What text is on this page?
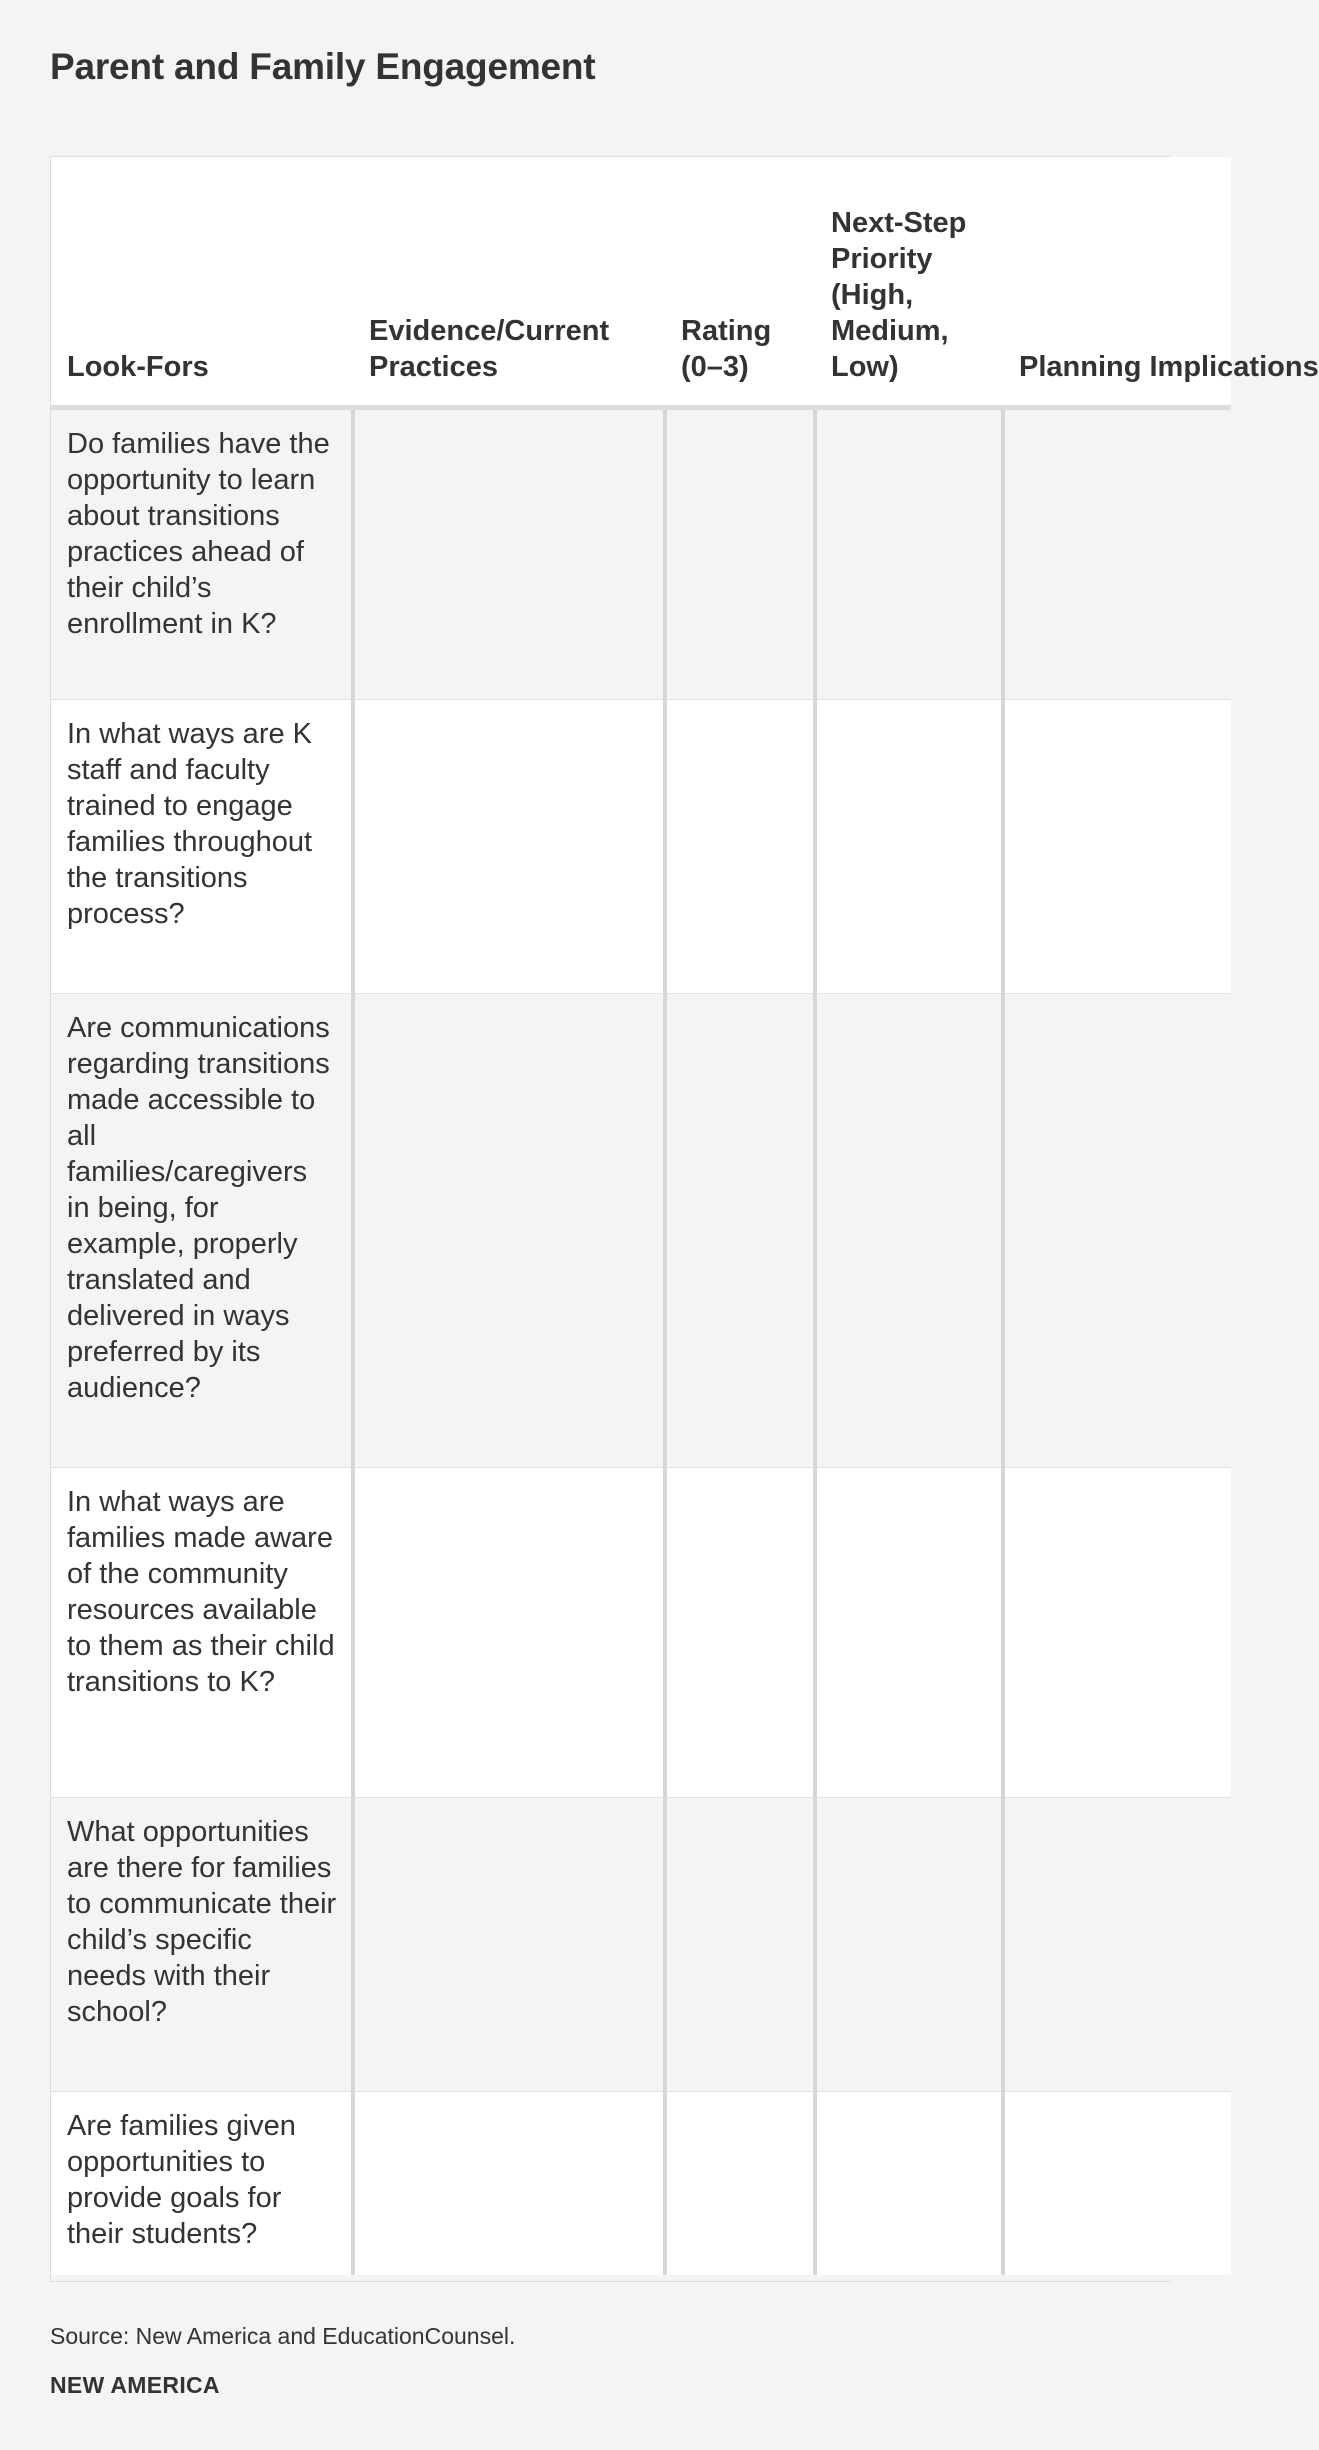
Parent and Family Engagement
Look-Fors	Evidence/Current Practices	Rating (0–3)	Next-Step Priority (High, Medium, Low)	Planning Implications
Do families have the opportunity to learn about transitions practices ahead of their child’s enrollment in K?				
In what ways are K staff and faculty trained to engage families throughout the transitions process?				
Are communications regarding transitions made accessible to all families/caregivers in being, for example, properly translated and delivered in ways preferred by its audience?				
In what ways are families made aware of the community resources available to them as their child transitions to K?				
What opportunities are there for families to communicate their child’s specific needs with their school?				
Are families given opportunities to provide goals for their students?				
Source: New America and EducationCounsel.
NEW AMERICA
